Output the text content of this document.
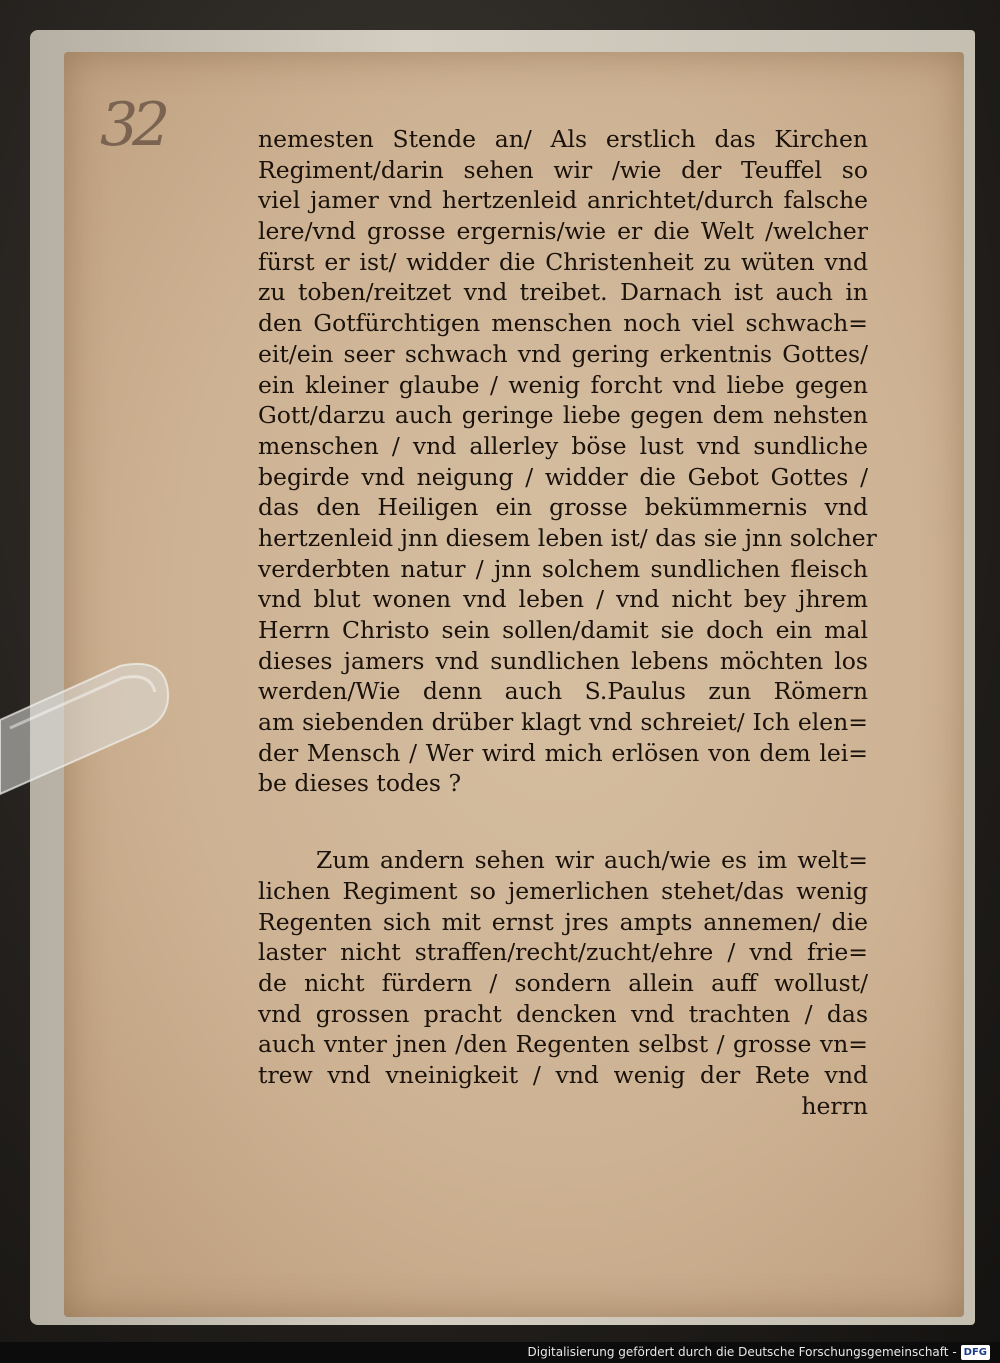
32	nemesten Stende an/ Als erstlich das Kirchen
Regiment/darin sehen wir /wie der Teuffel so
viel jamer vnd hertzenleid anrichtet/durch falsche
lere/vnd grosse ergernis/wie er die Welt /welcher
fürst er ist/ widder die Christenheit zu wüten vnd
zu toben/reitzet vnd treibet. Darnach ist auch in
den Gotfürchtigen menschen noch viel schwach=
eit/ein seer schwach vnd gering erkentnis Gottes/
ein kleiner glaube / wenig forcht vnd liebe gegen
Gott/darzu auch geringe liebe gegen dem nehsten
menschen / vnd allerley böse lust vnd sundliche
begirde vnd neigung / widder die Gebot Gottes /
das den Heiligen ein grosse bekümmernis vnd
hertzenleid jnn diesem leben ist/ das sie jnn solcher
verderbten natur / jnn solchem sundlichen fleisch
vnd blut wonen vnd leben / vnd nicht bey jhrem
Herrn Christo sein sollen/damit sie doch ein mal
dieses jamers vnd sundlichen lebens möchten los
werden/Wie denn auch S.Paulus zun Römern
am siebenden drüber klagt vnd schreiet/ Ich elen=
der Mensch / Wer wird mich erlösen von dem lei=
be dieses todes ?
Zum andern sehen wir auch/wie es im welt=
lichen Regiment so jemerlichen stehet/das wenig
Regenten sich mit ernst jres ampts annemen/ die
laster nicht straffen/recht/zucht/ehre / vnd frie=
de nicht fürdern / sondern allein auff wollust/
vnd grossen pracht dencken vnd trachten / das
auch vnter jnen /den Regenten selbst / grosse vn=
trew vnd vneinigkeit / vnd wenig der Rete vnd
herrn
Digitalisierung gefördert durch die Deutsche Forschungsgemeinschaft - DFG
